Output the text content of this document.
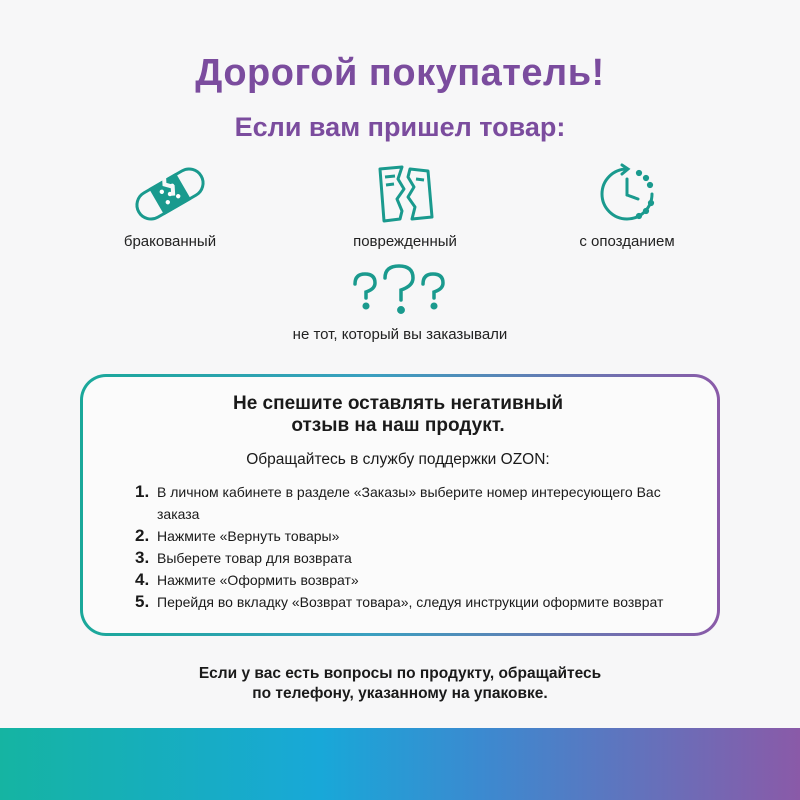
Дорогой покупатель!
Если вам пришел товар:
бракованный	поврежденный	с опозданием
не тот, который вы заказывали
Не спешите оставлять негативный
отзыв на наш продукт.
Обращайтесь в службу поддержки OZON:
1. В личном кабинете в разделе «Заказы» выберите номер интересующего Вас заказа
2. Нажмите «Вернуть товары»
3. Выберете товар для возврата
4. Нажмите «Оформить возврат»
5. Перейдя во вкладку «Возврат товара», следуя инструкции оформите возврат
Если у вас есть вопросы по продукту, обращайтесь
по телефону, указанному на упаковке.
